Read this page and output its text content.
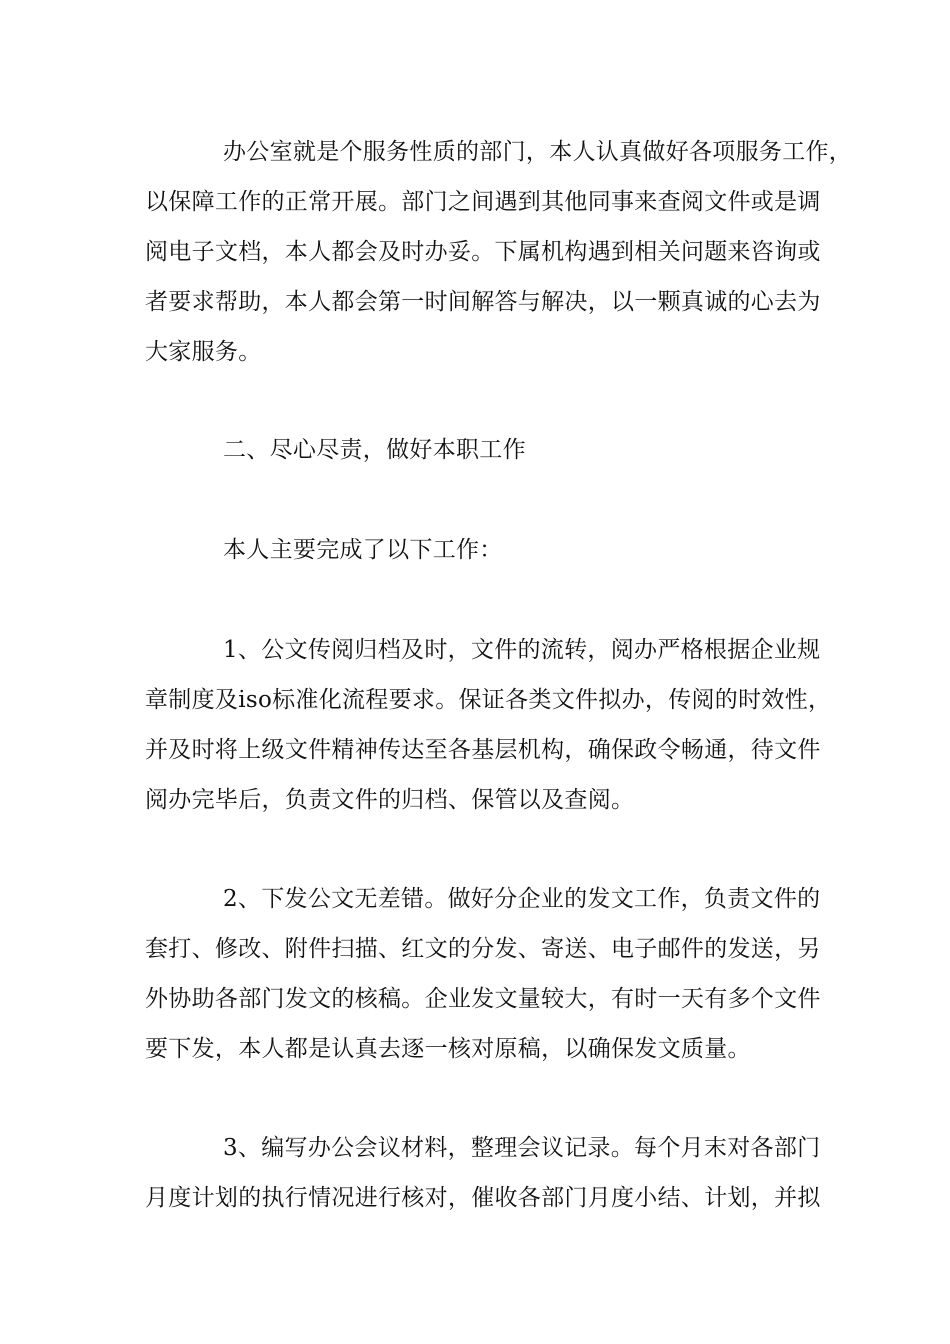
办公室就是个服务性质的部门，本人认真做好各项服务工作，
以保障工作的正常开展。部门之间遇到其他同事来查阅文件或是调
阅电子文档，本人都会及时办妥。下属机构遇到相关问题来咨询或
者要求帮助，本人都会第一时间解答与解决，以一颗真诚的心去为
大家服务。
二、尽心尽责，做好本职工作
本人主要完成了以下工作：
1、公文传阅归档及时，文件的流转，阅办严格根据企业规
章制度及iso标准化流程要求。保证各类文件拟办，传阅的时效性，
并及时将上级文件精神传达至各基层机构，确保政令畅通，待文件
阅办完毕后，负责文件的归档、保管以及查阅。
2、下发公文无差错。做好分企业的发文工作，负责文件的
套打、修改、附件扫描、红文的分发、寄送、电子邮件的发送，另
外协助各部门发文的核稿。企业发文量较大，有时一天有多个文件
要下发，本人都是认真去逐一核对原稿，以确保发文质量。
3、编写办公会议材料，整理会议记录。每个月末对各部门
月度计划的执行情况进行核对，催收各部门月度小结、计划，并拟
